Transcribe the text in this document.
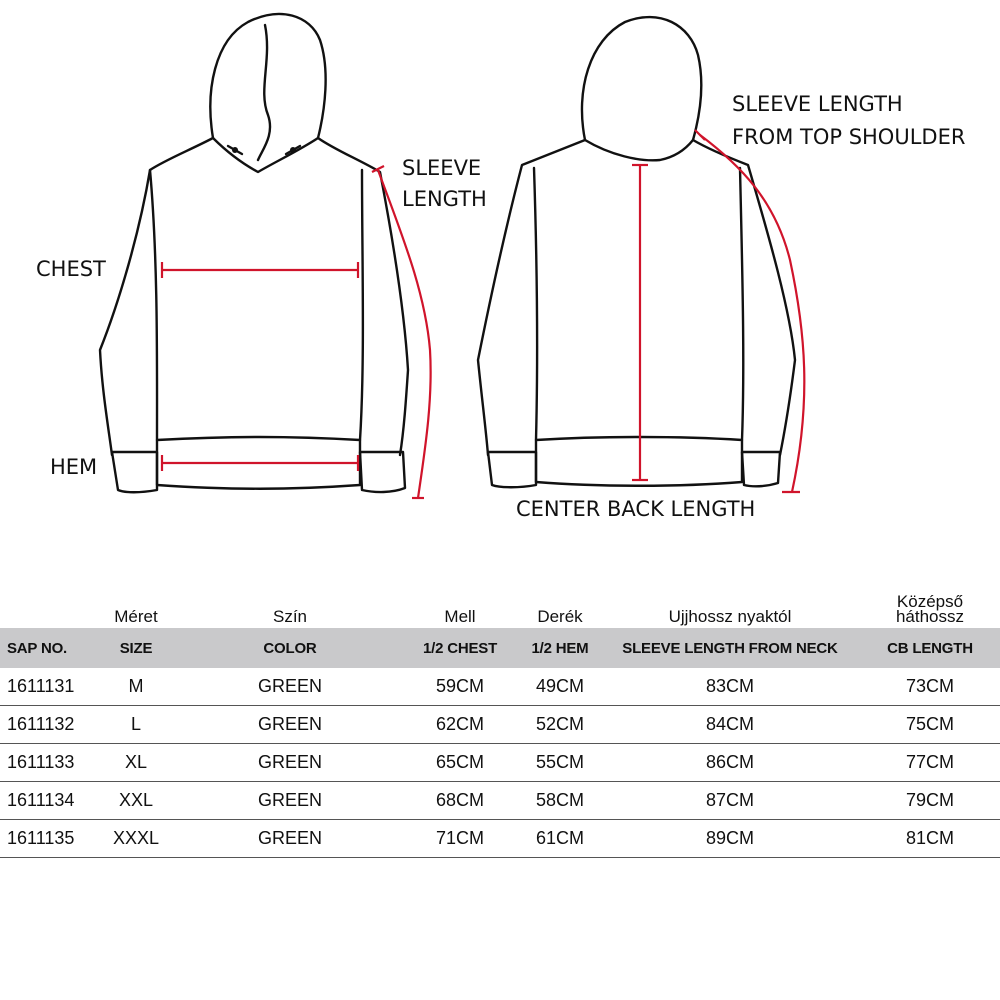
CHEST
HEM
SLEEVE
LENGTH
SLEEVE LENGTH
FROM TOP SHOULDER
CENTER BACK LENGTH
	Méret	Szín	Mell	Derék	Ujjhossz nyaktól	Középső
háthossz
SAP NO.	SIZE	COLOR	1/2 CHEST	1/2 HEM	SLEEVE LENGTH FROM NECK	CB LENGTH
1611131	M	GREEN	59CM	49CM	83CM	73CM
1611132	L	GREEN	62CM	52CM	84CM	75CM
1611133	XL	GREEN	65CM	55CM	86CM	77CM
1611134	XXL	GREEN	68CM	58CM	87CM	79CM
1611135	XXXL	GREEN	71CM	61CM	89CM	81CM
